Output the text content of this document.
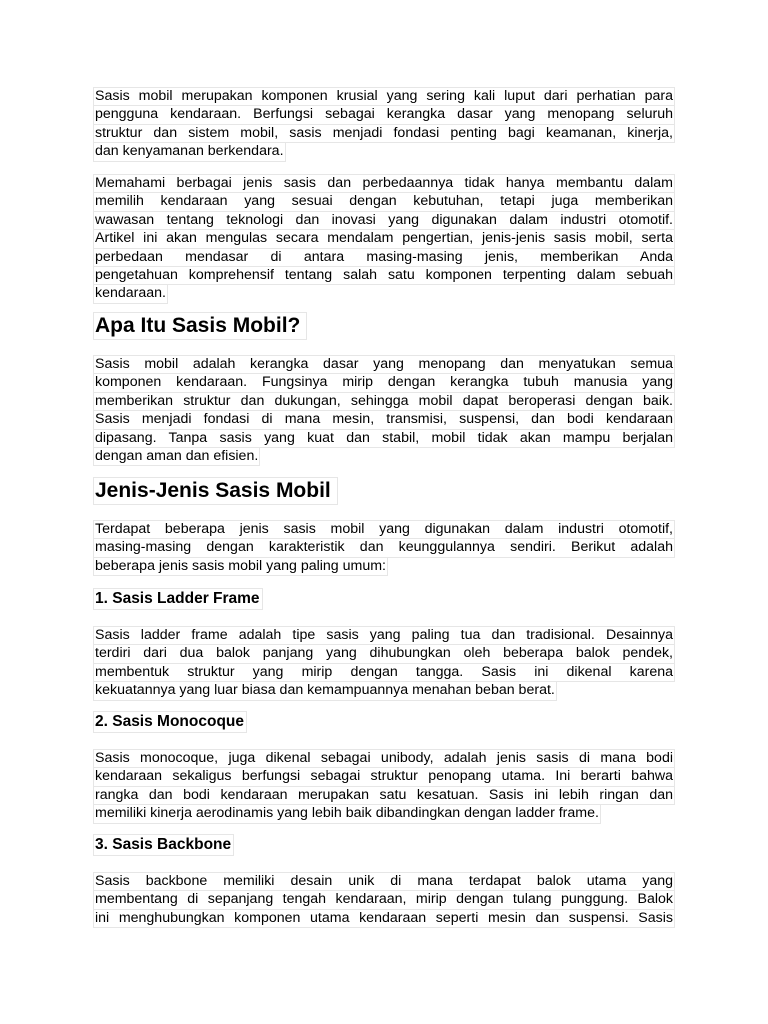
Sasis mobil merupakan komponen krusial yang sering kali luput dari perhatian para
pengguna kendaraan. Berfungsi sebagai kerangka dasar yang menopang seluruh
struktur dan sistem mobil, sasis menjadi fondasi penting bagi keamanan, kinerja,
dan kenyamanan berkendara.
Memahami berbagai jenis sasis dan perbedaannya tidak hanya membantu dalam
memilih kendaraan yang sesuai dengan kebutuhan, tetapi juga memberikan
wawasan tentang teknologi dan inovasi yang digunakan dalam industri otomotif.
Artikel ini akan mengulas secara mendalam pengertian, jenis-jenis sasis mobil, serta
perbedaan mendasar di antara masing-masing jenis, memberikan Anda
pengetahuan komprehensif tentang salah satu komponen terpenting dalam sebuah
kendaraan.
Apa Itu Sasis Mobil?
Sasis mobil adalah kerangka dasar yang menopang dan menyatukan semua
komponen kendaraan. Fungsinya mirip dengan kerangka tubuh manusia yang
memberikan struktur dan dukungan, sehingga mobil dapat beroperasi dengan baik.
Sasis menjadi fondasi di mana mesin, transmisi, suspensi, dan bodi kendaraan
dipasang. Tanpa sasis yang kuat dan stabil, mobil tidak akan mampu berjalan
dengan aman dan efisien.
Jenis-Jenis Sasis Mobil
Terdapat beberapa jenis sasis mobil yang digunakan dalam industri otomotif,
masing-masing dengan karakteristik dan keunggulannya sendiri. Berikut adalah
beberapa jenis sasis mobil yang paling umum:
1. Sasis Ladder Frame
Sasis ladder frame adalah tipe sasis yang paling tua dan tradisional. Desainnya
terdiri dari dua balok panjang yang dihubungkan oleh beberapa balok pendek,
membentuk struktur yang mirip dengan tangga. Sasis ini dikenal karena
kekuatannya yang luar biasa dan kemampuannya menahan beban berat.
2. Sasis Monocoque
Sasis monocoque, juga dikenal sebagai unibody, adalah jenis sasis di mana bodi
kendaraan sekaligus berfungsi sebagai struktur penopang utama. Ini berarti bahwa
rangka dan bodi kendaraan merupakan satu kesatuan. Sasis ini lebih ringan dan
memiliki kinerja aerodinamis yang lebih baik dibandingkan dengan ladder frame.
3. Sasis Backbone
Sasis backbone memiliki desain unik di mana terdapat balok utama yang
membentang di sepanjang tengah kendaraan, mirip dengan tulang punggung. Balok
ini menghubungkan komponen utama kendaraan seperti mesin dan suspensi. Sasis
